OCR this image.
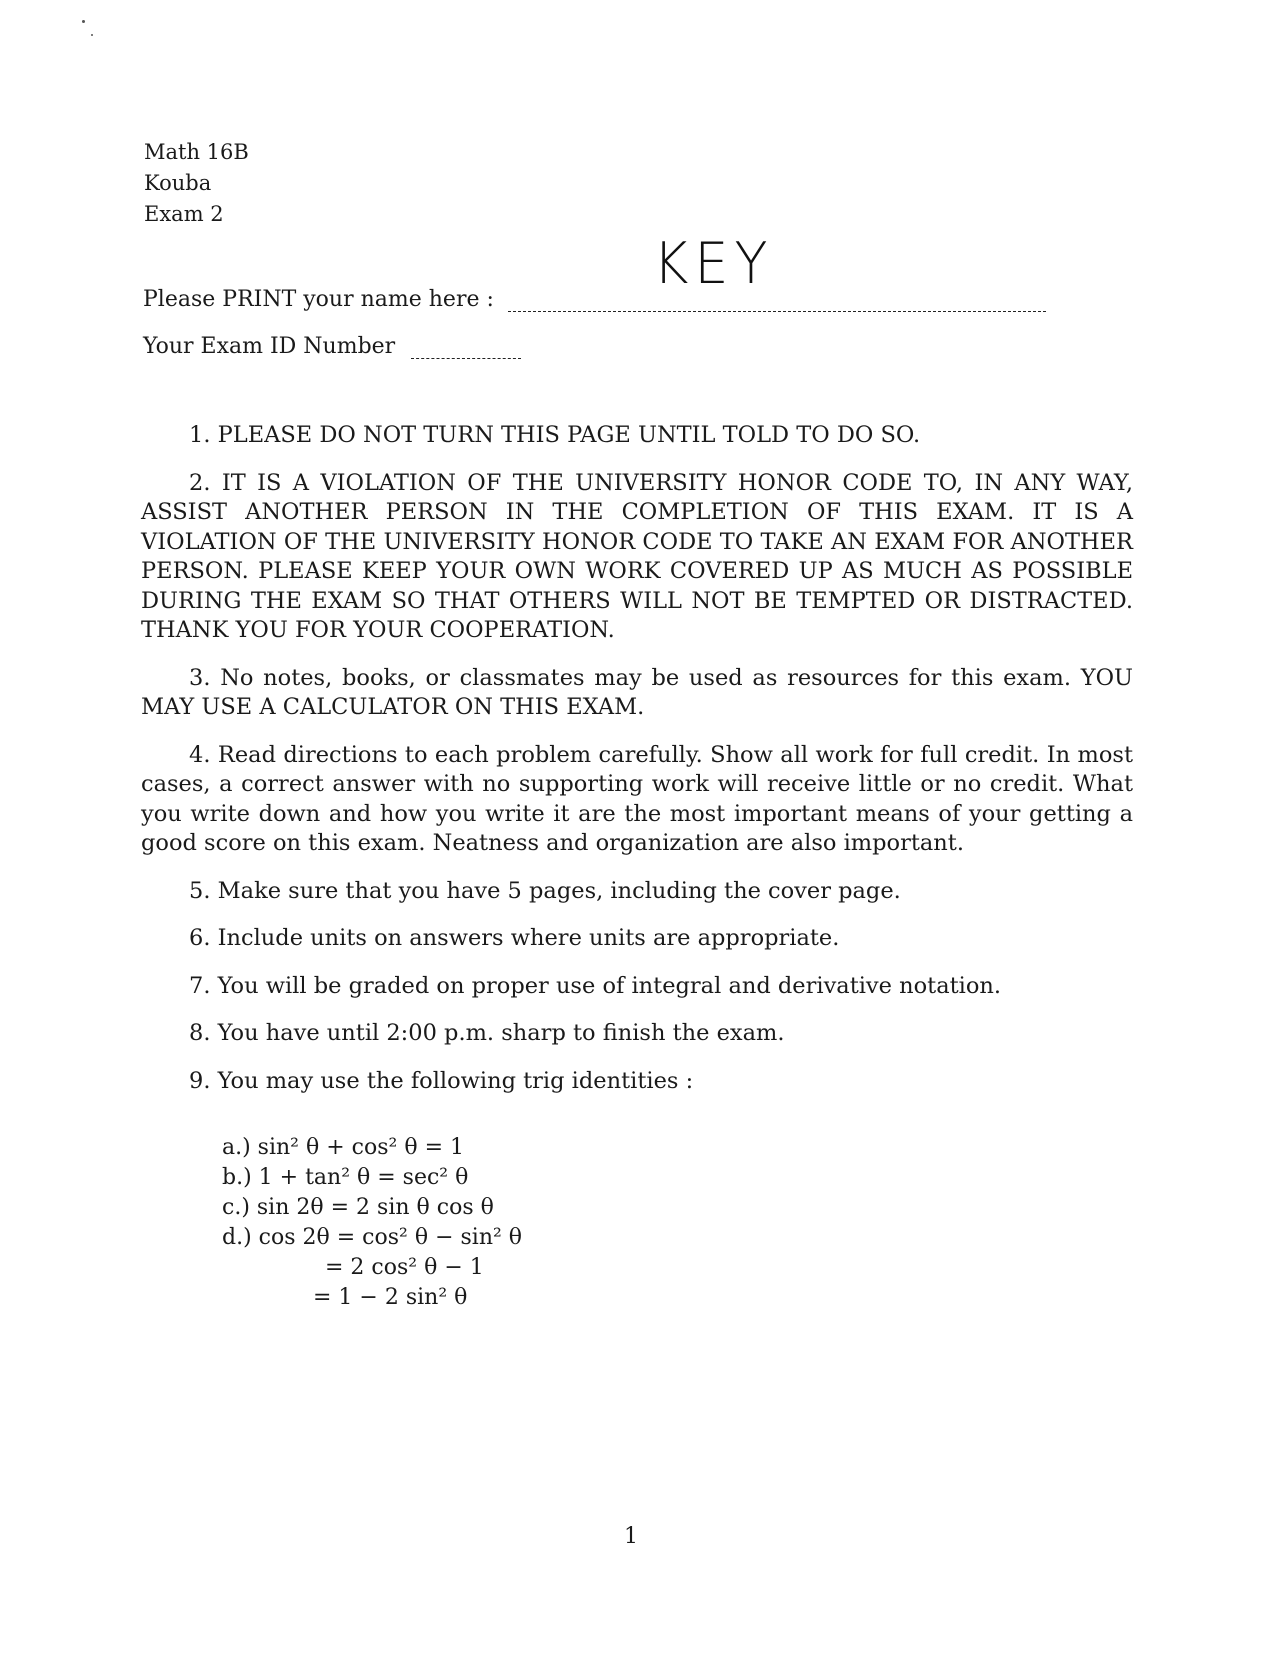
Math 16B
Kouba
Exam 2
Please PRINT your name here :
KEY
Your Exam ID Number

1. PLEASE DO NOT TURN THIS PAGE UNTIL TOLD TO DO SO.

2. IT IS A VIOLATION OF THE UNIVERSITY HONOR CODE TO, IN ANY WAY, ASSIST ANOTHER PERSON IN THE COMPLETION OF THIS EXAM. IT IS A VIOLATION OF THE UNIVERSITY HONOR CODE TO TAKE AN EXAM FOR ANOTHER PERSON. PLEASE KEEP YOUR OWN WORK COVERED UP AS MUCH AS POSSIBLE DURING THE EXAM SO THAT OTHERS WILL NOT BE TEMPTED OR DISTRACTED. THANK YOU FOR YOUR COOPERATION.

3. No notes, books, or classmates may be used as resources for this exam. YOU MAY USE A CALCULATOR ON THIS EXAM.

4. Read directions to each problem carefully. Show all work for full credit. In most cases, a correct answer with no supporting work will receive little or no credit. What you write down and how you write it are the most important means of your getting a good score on this exam. Neatness and organization are also important.

5. Make sure that you have 5 pages, including the cover page.

6. Include units on answers where units are appropriate.

7. You will be graded on proper use of integral and derivative notation.

8. You have until 2:00 p.m. sharp to finish the exam.

9. You may use the following trig identities :

a.) sin² θ + cos² θ = 1
b.) 1 + tan² θ = sec² θ
c.) sin 2θ = 2 sin θ cos θ
d.) cos 2θ = cos² θ − sin² θ
= 2 cos² θ − 1
= 1 − 2 sin² θ
1
